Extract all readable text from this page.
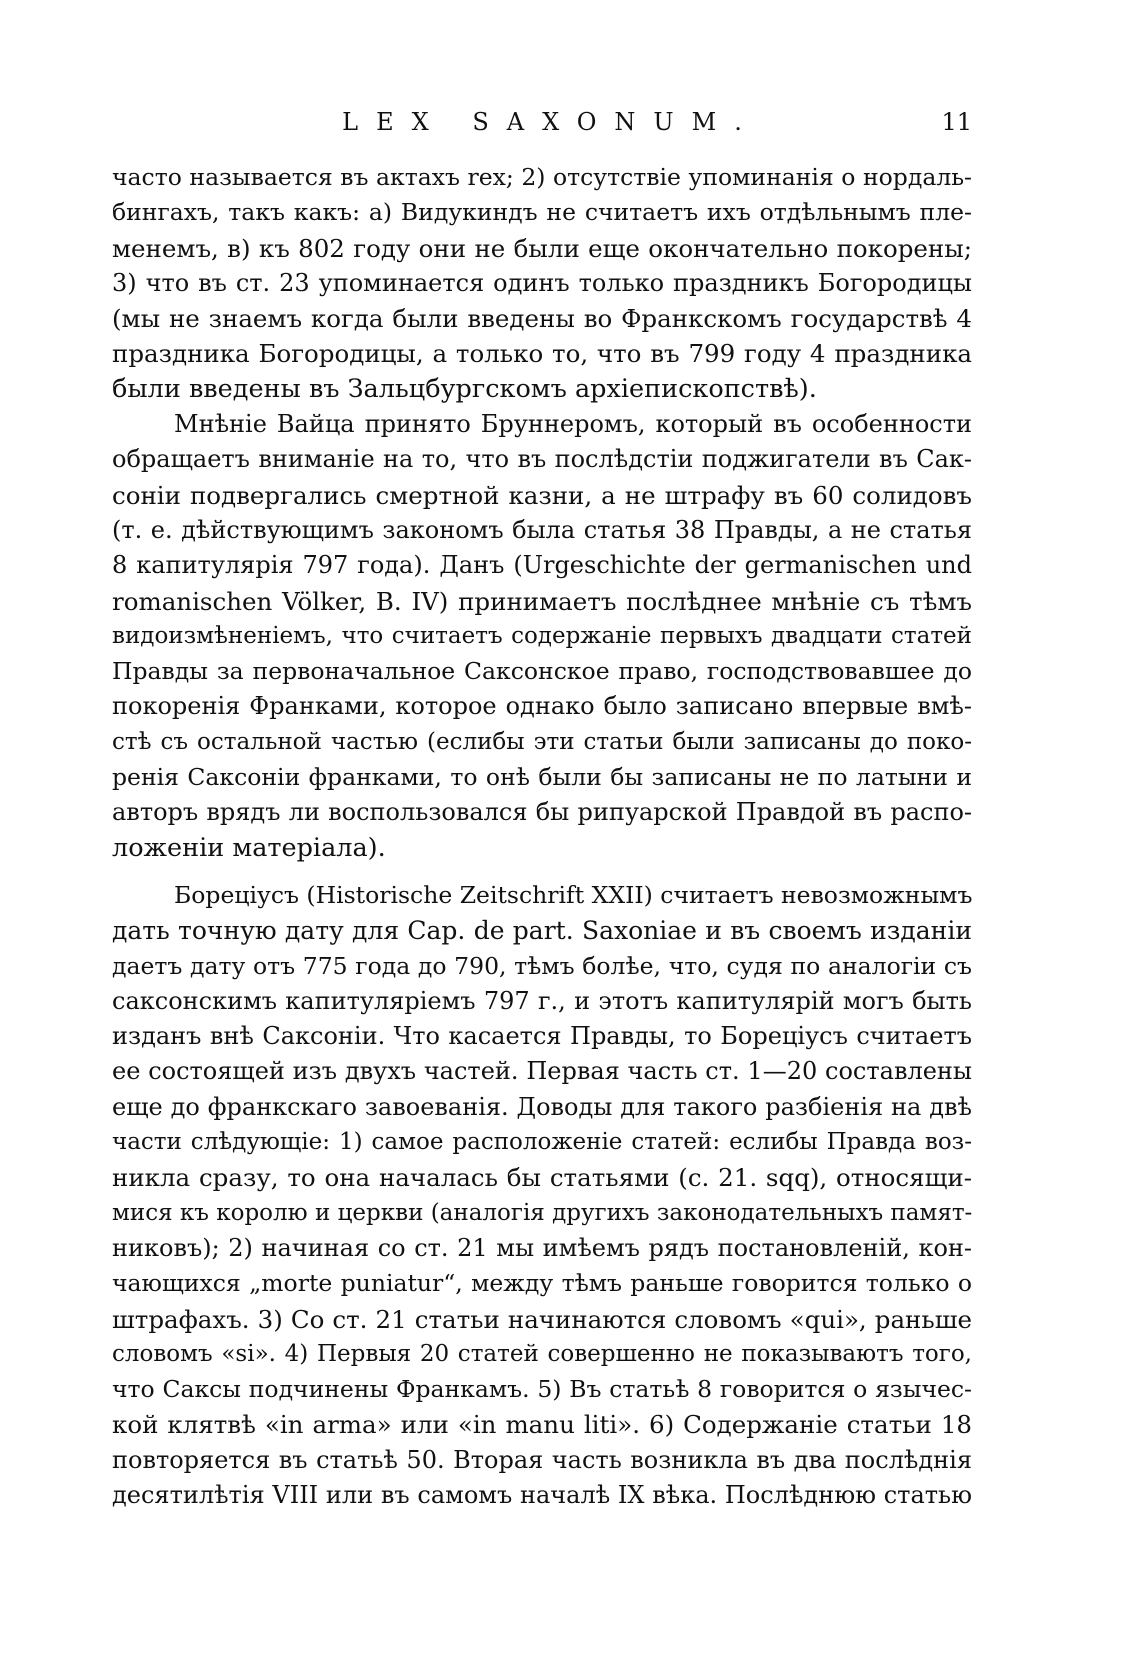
LEX SAXONUM.	11
часто называется въ актахъ rex; 2) отсутствіе упоминанія о нордаль-
бингахъ, такъ какъ: а) Видукиндъ не считаетъ ихъ отдѣльнымъ пле-
менемъ, в) къ 802 году они не были еще окончательно покорены;
3) что въ ст. 23 упоминается одинъ только праздникъ Богородицы
(мы не знаемъ когда были введены во Франкскомъ государствѣ 4
праздника Богородицы, а только то, что въ 799 году 4 праздника
были введены въ Зальцбургскомъ архіепископствѣ).
Мнѣніе Вайца принято Бруннеромъ, который въ особенности
обращаетъ вниманіе на то, что въ послѣдстіи поджигатели въ Сак-
соніи подвергались смертной казни, а не штрафу въ 60 солидовъ
(т. е. дѣйствующимъ закономъ была статья 38 Правды, а не статья
8 капитулярія 797 года). Данъ (Urgeschichte der germanischen und
romanischen Völker, B. IV) принимаетъ послѣднее мнѣніе съ тѣмъ
видоизмѣненіемъ, что считаетъ содержаніе первыхъ двадцати статей
Правды за первоначальное Саксонское право, господствовавшее до
покоренія Франками, которое однако было записано впервые вмѣ-
стѣ съ остальной частью (еслибы эти статьи были записаны до поко-
ренія Саксоніи франками, то онѣ были бы записаны не по латыни и
авторъ врядъ ли воспользовался бы рипуарской Правдой въ распо-
ложеніи матеріала).
Бореціусъ (Historische Zeitschrift XXII) считаетъ невозможнымъ
дать точную дату для Cap. de part. Saxoniae и въ своемъ изданіи
даетъ дату отъ 775 года до 790, тѣмъ болѣе, что, судя по аналогіи съ
саксонскимъ капитуляріемъ 797 г., и этотъ капитулярій могъ быть
изданъ внѣ Саксоніи. Что касается Правды, то Бореціусъ считаетъ
ее состоящей изъ двухъ частей. Первая часть ст. 1—20 составлены
еще до франкскаго завоеванія. Доводы для такого разбіенія на двѣ
части слѣдующіе: 1) самое расположеніе статей: еслибы Правда воз-
никла сразу, то она началась бы статьями (с. 21. sqq), относящи-
мися къ королю и церкви (аналогія другихъ законодательныхъ памят-
никовъ); 2) начиная со ст. 21 мы имѣемъ рядъ постановленій, кон-
чающихся „morte puniatur“, между тѣмъ раньше говорится только о
штрафахъ. 3) Со ст. 21 статьи начинаются словомъ «qui», раньше
словомъ «si». 4) Первыя 20 статей совершенно не показываютъ того,
что Саксы подчинены Франкамъ. 5) Въ статьѣ 8 говорится о язычес-
кой клятвѣ «in arma» или «in manu liti». 6) Содержаніе статьи 18
повторяется въ статьѣ 50. Вторая часть возникла въ два послѣднія
десятилѣтія VIII или въ самомъ началѣ IX вѣка. Послѣднюю статью
